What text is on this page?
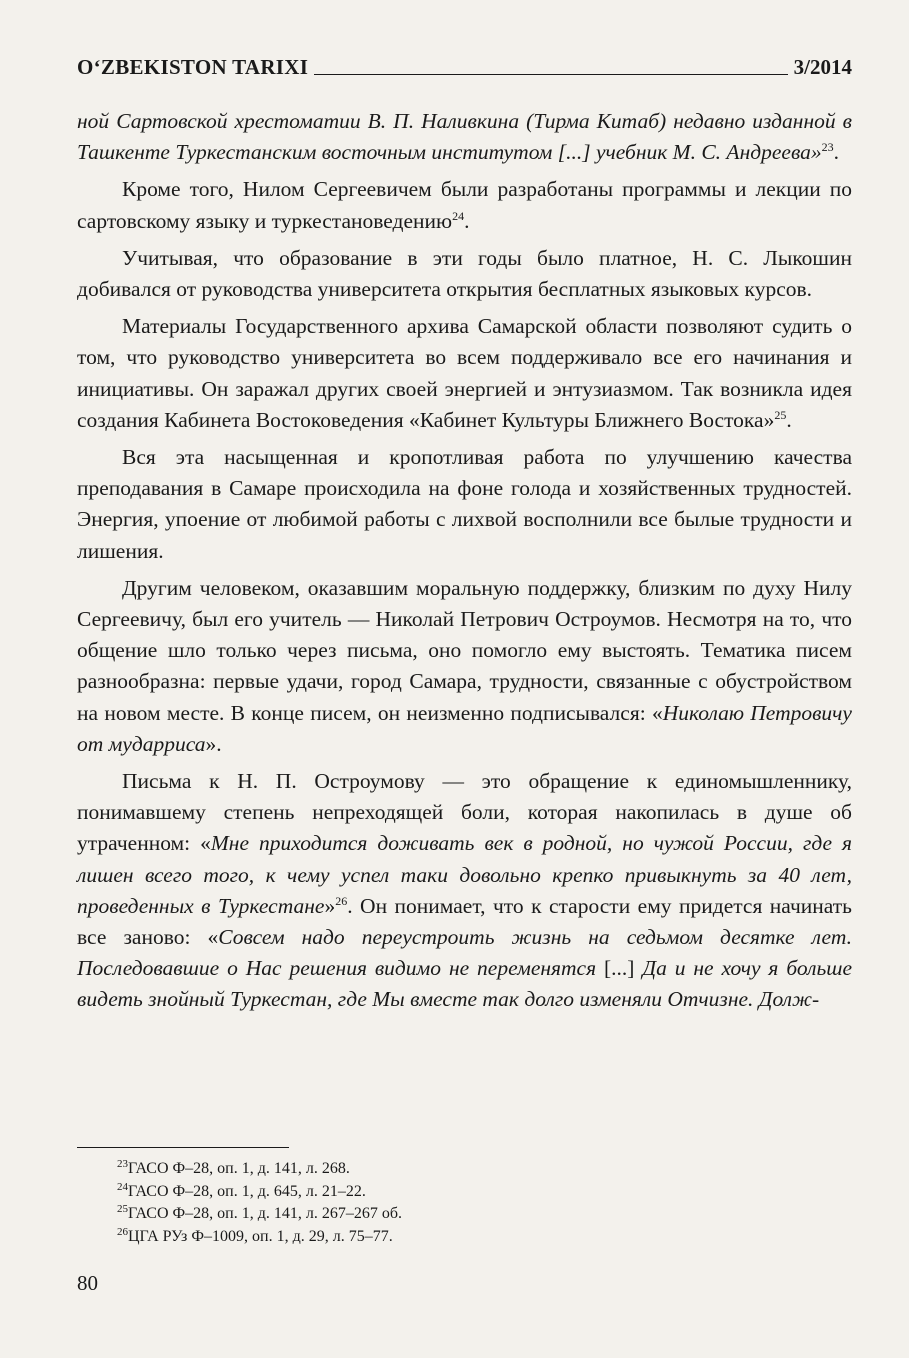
O‘ZBEKISTON TARIXI	3/2014

ной Сартовской хрестоматии В. П. Наливкина (Тирма Китаб) недавно изданной в Ташкенте Туркестанским восточным институтом [...] учебник М. С. Андреева»$^{23}$.

Кроме того, Нилом Сергеевичем были разработаны программы и лекции по сартовскому языку и туркестановедению$^{24}$.

Учитывая, что образование в эти годы было платное, Н. С. Лыкошин добивался от руководства университета открытия бесплатных языковых курсов.

Материалы Государственного архива Самарской области позволяют судить о том, что руководство университета во всем поддерживало все его начинания и инициативы. Он заражал других своей энергией и энтузиазмом. Так возникла идея создания Кабинета Востоковедения «Кабинет Культуры Ближнего Востока»$^{25}$.

Вся эта насыщенная и кропотливая работа по улучшению качества преподавания в Самаре происходила на фоне голода и хозяйственных трудностей. Энергия, упоение от любимой работы с лихвой восполнили все былые трудности и лишения.

Другим человеком, оказавшим моральную поддержку, близким по духу Нилу Сергеевичу, был его учитель — Николай Петрович Остроумов. Несмотря на то, что общение шло только через письма, оно помогло ему выстоять. Тематика писем разнообразна: первые удачи, город Самара, трудности, связанные с обустройством на новом месте. В конце писем, он неизменно подписывался: «Николаю Петровичу от мударриса».

Письма к Н. П. Остроумову — это обращение к единомышленнику, понимавшему степень непреходящей боли, которая накопилась в душе об утраченном: «Мне приходится доживать век в родной, но чужой России, где я лишен всего того, к чему успел таки довольно крепко привыкнуть за 40 лет, проведенных в Туркестане»$^{26}$. Он понимает, что к старости ему придется начинать все заново: «Совсем надо переустроить жизнь на седьмом десятке лет. Последовавшие о Нас решения видимо не переменятся [...] Да и не хочу я больше видеть знойный Туркестан, где Мы вместе так долго изменяли Отчизне. Долж-

$^{23}$ГАСО Ф–28, оп. 1, д. 141, л. 268.
$^{24}$ГАСО Ф–28, оп. 1, д. 645, л. 21–22.
$^{25}$ГАСО Ф–28, оп. 1, д. 141, л. 267–267 об.
$^{26}$ЦГА РУз Ф–1009, оп. 1, д. 29, л. 75–77.
80
